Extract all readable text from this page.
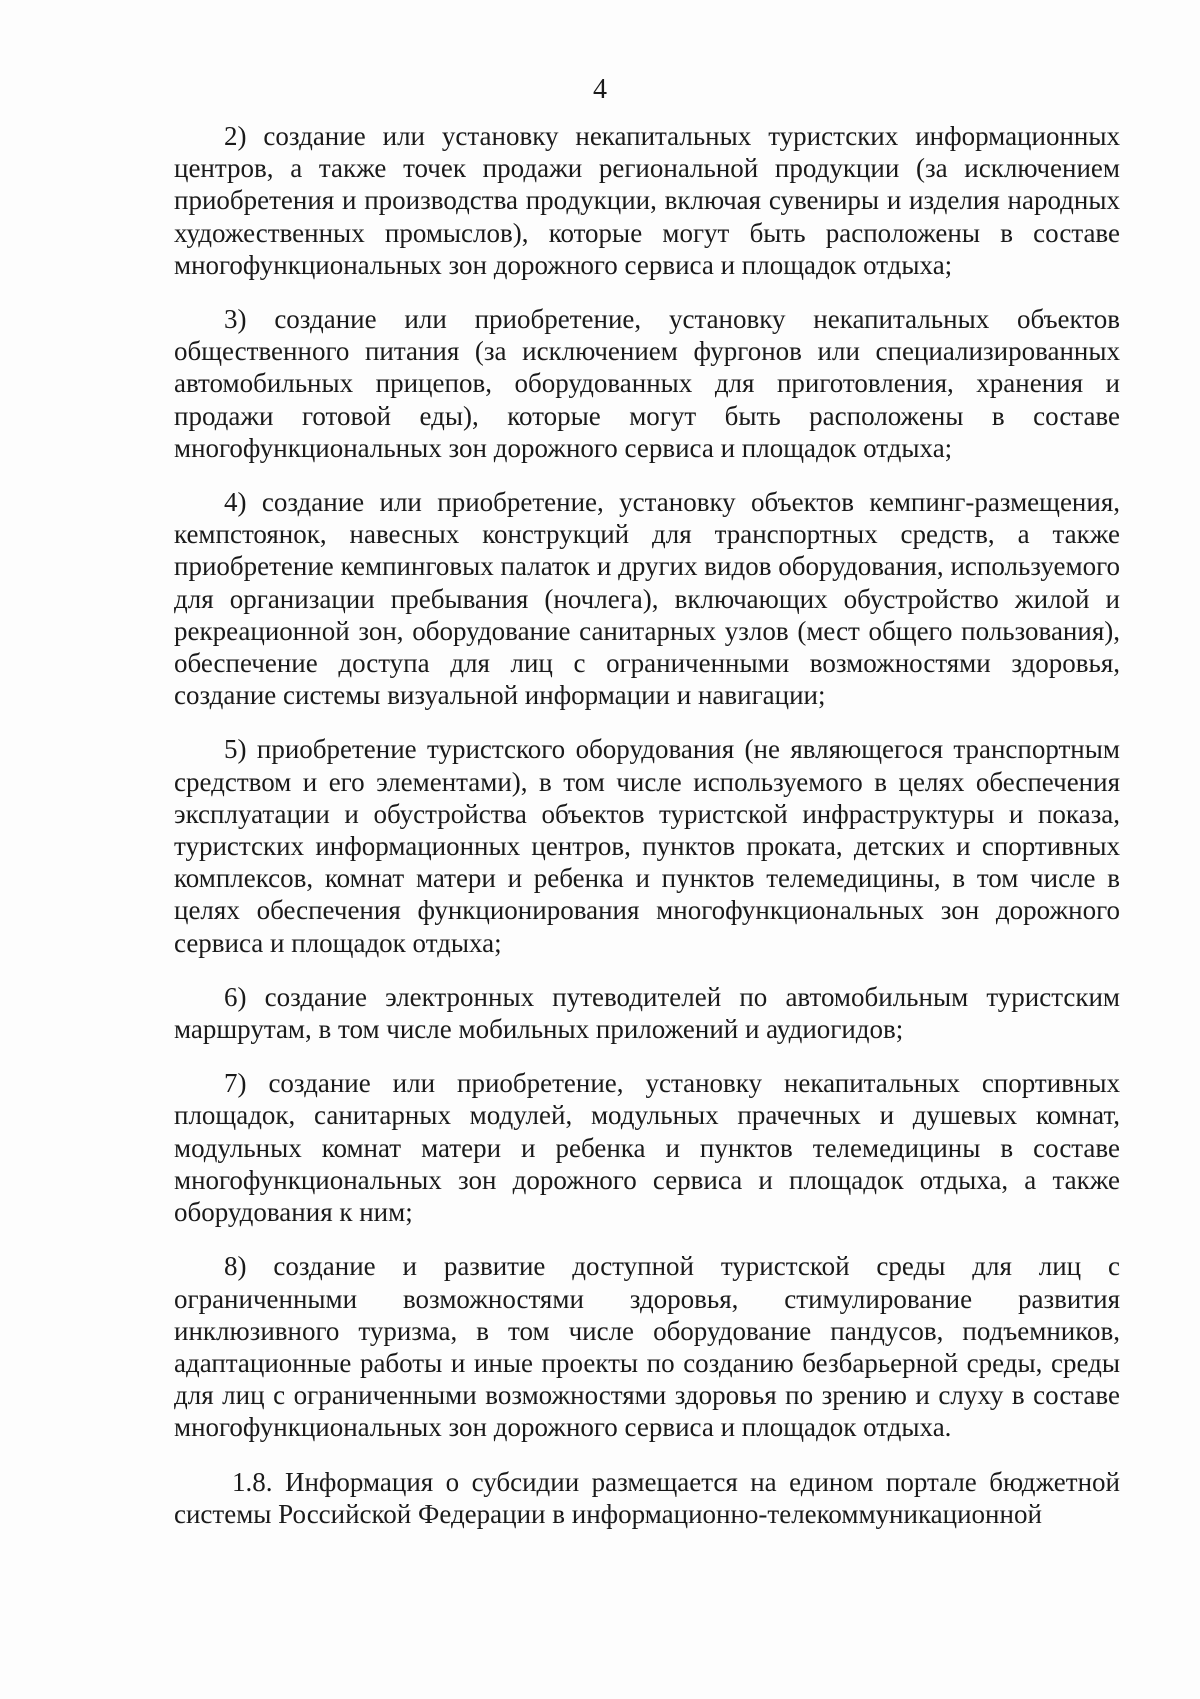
4

2) создание или установку некапитальных туристских информационных центров, а также точек продажи региональной продукции (за исключением приобретения и производства продукции, включая сувениры и изделия народных художественных промыслов), которые могут быть расположены в составе многофункциональных зон дорожного сервиса и площадок отдыха;

3) создание или приобретение, установку некапитальных объектов общественного питания (за исключением фургонов или специализированных автомобильных прицепов, оборудованных для приготовления, хранения и продажи готовой еды), которые могут быть расположены в составе многофункциональных зон дорожного сервиса и площадок отдыха;

4) создание или приобретение, установку объектов кемпинг-размещения, кемпстоянок, навесных конструкций для транспортных средств, а также приобретение кемпинговых палаток и других видов оборудования, используемого для организации пребывания (ночлега), включающих обустройство жилой и рекреационной зон, оборудование санитарных узлов (мест общего пользования), обеспечение доступа для лиц с ограниченными возможностями здоровья, создание системы визуальной информации и навигации;

5) приобретение туристского оборудования (не являющегося транспортным средством и его элементами), в том числе используемого в целях обеспечения эксплуатации и обустройства объектов туристской инфраструктуры и показа, туристских информационных центров, пунктов проката, детских и спортивных комплексов, комнат матери и ребенка и пунктов телемедицины, в том числе в целях обеспечения функционирования многофункциональных зон дорожного сервиса и площадок отдыха;

6) создание электронных путеводителей по автомобильным туристским маршрутам, в том числе мобильных приложений и аудиогидов;

7) создание или приобретение, установку некапитальных спортивных площадок, санитарных модулей, модульных прачечных и душевых комнат, модульных комнат матери и ребенка и пунктов телемедицины в составе многофункциональных зон дорожного сервиса и площадок отдыха, а также оборудования к ним;

8) создание и развитие доступной туристской среды для лиц с ограниченными возможностями здоровья, стимулирование развития инклюзивного туризма, в том числе оборудование пандусов, подъемников, адаптационные работы и иные проекты по созданию безбарьерной среды, среды для лиц с ограниченными возможностями здоровья по зрению и слуху в составе многофункциональных зон дорожного сервиса и площадок отдыха.

1.8. Информация о субсидии размещается на едином портале бюджетной системы Российской Федерации в информационно-телекоммуникационной
